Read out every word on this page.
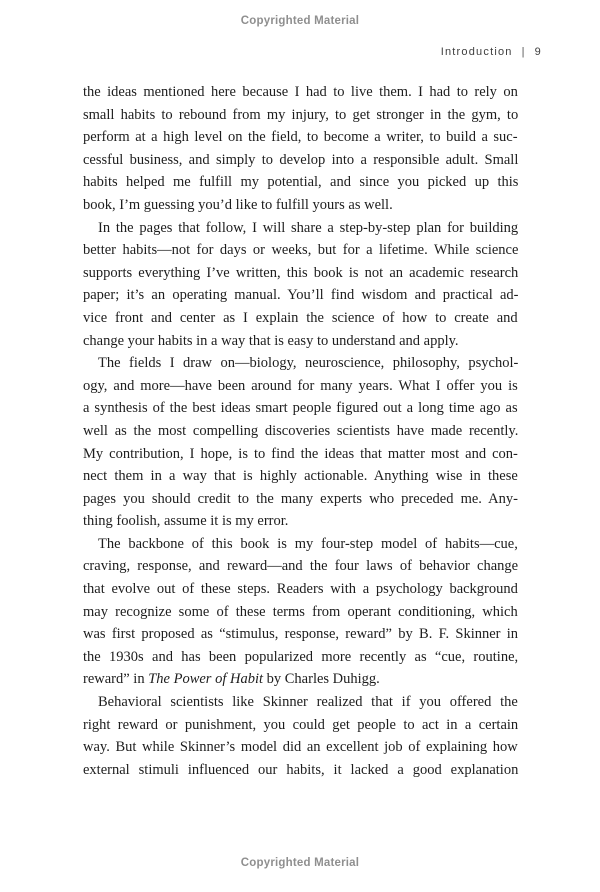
Copyrighted Material
Introduction | 9
the ideas mentioned here because I had to live them. I had to rely on
small habits to rebound from my injury, to get stronger in the gym, to
perform at a high level on the field, to become a writer, to build a suc-
cessful business, and simply to develop into a responsible adult. Small
habits helped me fulfill my potential, and since you picked up this
book, I’m guessing you’d like to fulfill yours as well.
In the pages that follow, I will share a step-by-step plan for building
better habits—not for days or weeks, but for a lifetime. While science
supports everything I’ve written, this book is not an academic research
paper; it’s an operating manual. You’ll find wisdom and practical ad-
vice front and center as I explain the science of how to create and
change your habits in a way that is easy to understand and apply.
The fields I draw on—biology, neuroscience, philosophy, psychol-
ogy, and more—have been around for many years. What I offer you is
a synthesis of the best ideas smart people figured out a long time ago as
well as the most compelling discoveries scientists have made recently.
My contribution, I hope, is to find the ideas that matter most and con-
nect them in a way that is highly actionable. Anything wise in these
pages you should credit to the many experts who preceded me. Any-
thing foolish, assume it is my error.
The backbone of this book is my four-step model of habits—cue,
craving, response, and reward—and the four laws of behavior change
that evolve out of these steps. Readers with a psychology background
may recognize some of these terms from operant conditioning, which
was first proposed as “stimulus, response, reward” by B. F. Skinner in
the 1930s and has been popularized more recently as “cue, routine,
reward” in The Power of Habit by Charles Duhigg.
Behavioral scientists like Skinner realized that if you offered the
right reward or punishment, you could get people to act in a certain
way. But while Skinner’s model did an excellent job of explaining how
external stimuli influenced our habits, it lacked a good explanation
Copyrighted Material
